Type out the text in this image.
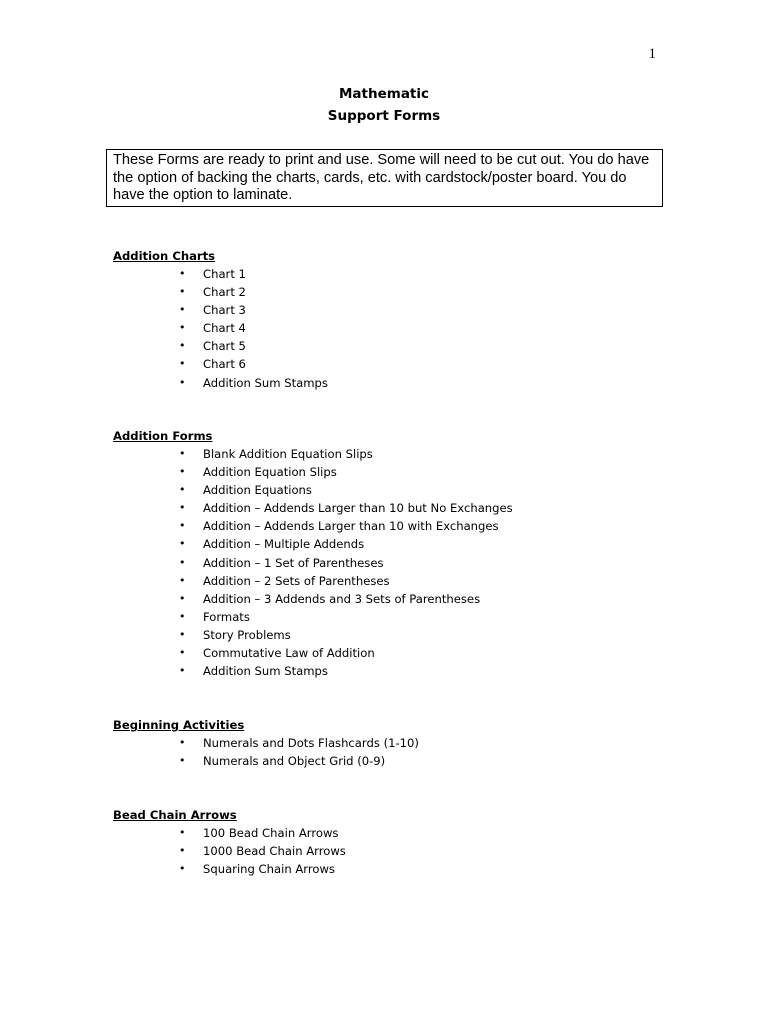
1
Mathematic
Support Forms
These Forms are ready to print and use. Some will need to be cut out. You do have the option of backing the charts, cards, etc. with cardstock/poster board. You do have the option to laminate.
Addition Charts
• Chart 1
• Chart 2
• Chart 3
• Chart 4
• Chart 5
• Chart 6
• Addition Sum Stamps
Addition Forms
• Blank Addition Equation Slips
• Addition Equation Slips
• Addition Equations
• Addition – Addends Larger than 10 but No Exchanges
• Addition – Addends Larger than 10 with Exchanges
• Addition – Multiple Addends
• Addition – 1 Set of Parentheses
• Addition – 2 Sets of Parentheses
• Addition – 3 Addends and 3 Sets of Parentheses
• Formats
• Story Problems
• Commutative Law of Addition
• Addition Sum Stamps
Beginning Activities
• Numerals and Dots Flashcards (1-10)
• Numerals and Object Grid (0-9)
Bead Chain Arrows
• 100 Bead Chain Arrows
• 1000 Bead Chain Arrows
• Squaring Chain Arrows
